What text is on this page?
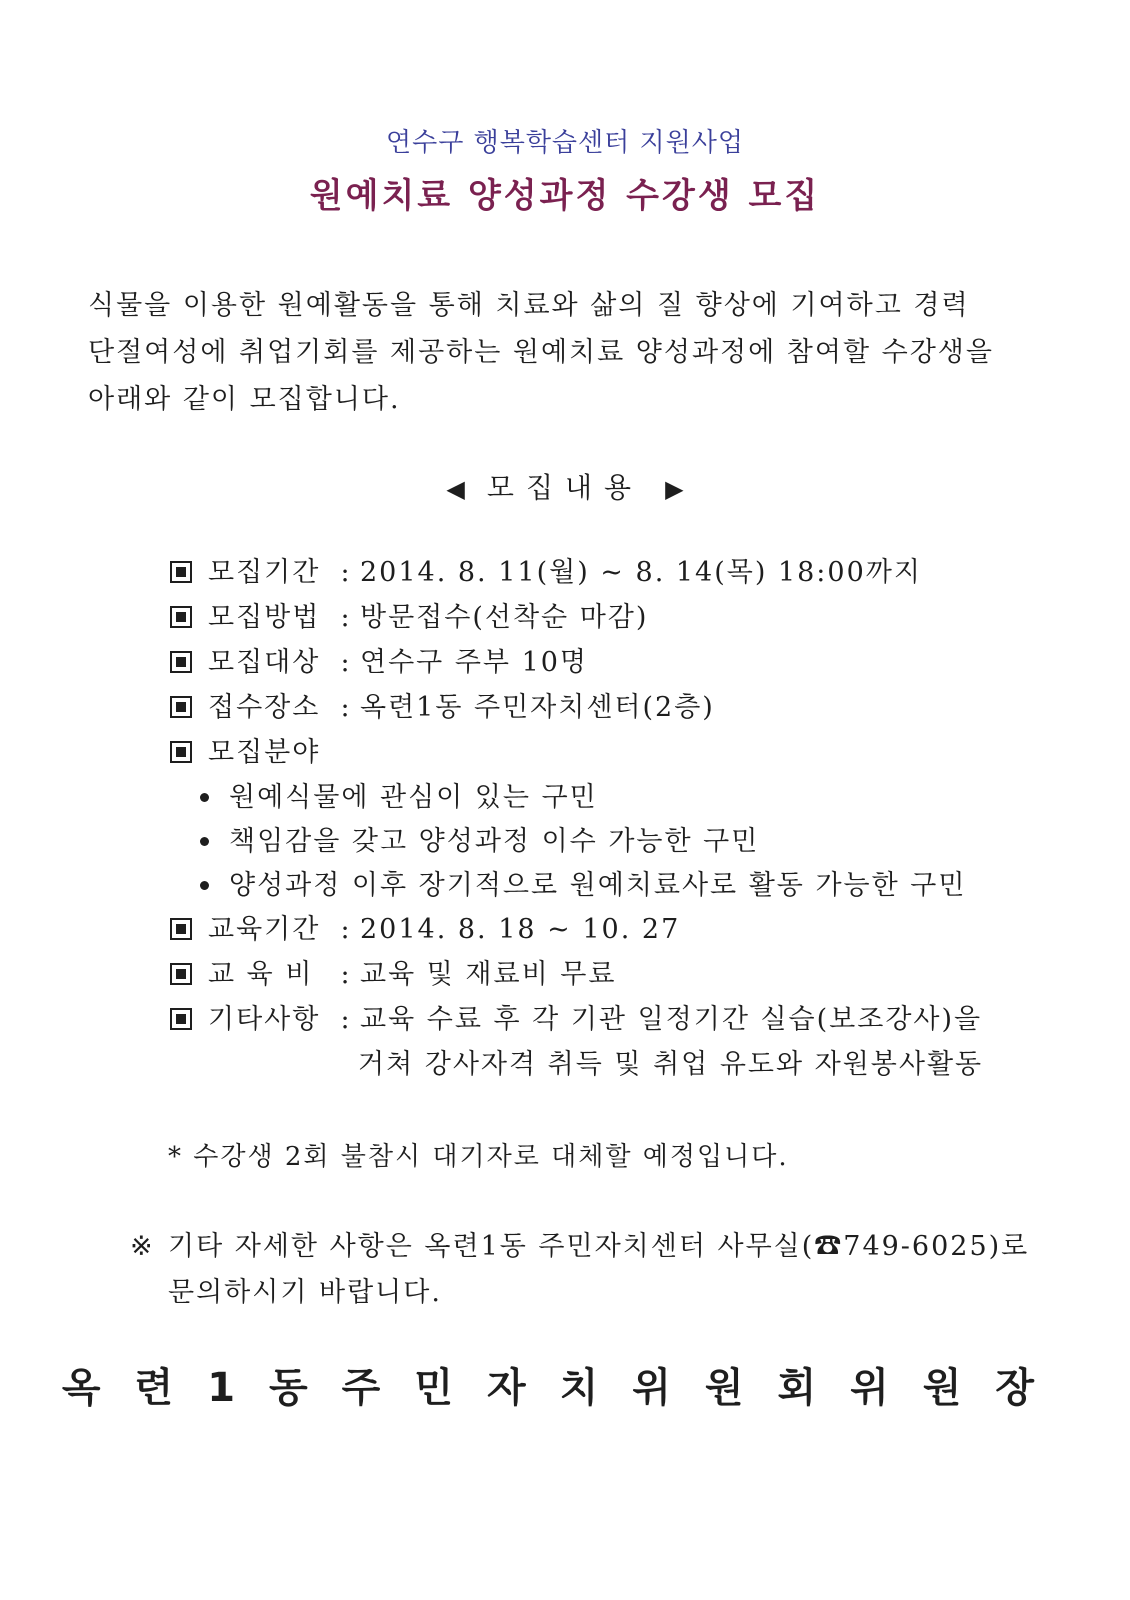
연수구 행복학습센터 지원사업
원예치료 양성과정 수강생 모집
식물을 이용한 원예활동을 통해 치료와 삶의 질 향상에 기여하고 경력
단절여성에 취업기회를 제공하는 원예치료 양성과정에 참여할 수강생을
아래와 같이 모집합니다.
◀ 모집내용 ▶
모집기간 : 2014. 8. 11(월) ~ 8. 14(목) 18:00까지
모집방법 : 방문접수(선착순 마감)
모집대상 : 연수구 주부 10명
접수장소 : 옥련1동 주민자치센터(2층)
모집분야
원예식물에 관심이 있는 구민
책임감을 갖고 양성과정 이수 가능한 구민
양성과정 이후 장기적으로 원예치료사로 활동 가능한 구민
교육기간 : 2014. 8. 18 ~ 10. 27
교 육 비	: 교육 및 재료비 무료
기타사항 : 교육 수료 후 각 기관 일정기간 실습(보조강사)을
거쳐 강사자격 취득 및 취업 유도와 자원봉사활동
* 수강생 2회 불참시 대기자로 대체할 예정입니다.
※ 기타 자세한 사항은 옥련1동 주민자치센터 사무실(☎749-6025)로
문의하시기 바랍니다.
옥련1동주민자치위원회위원장
